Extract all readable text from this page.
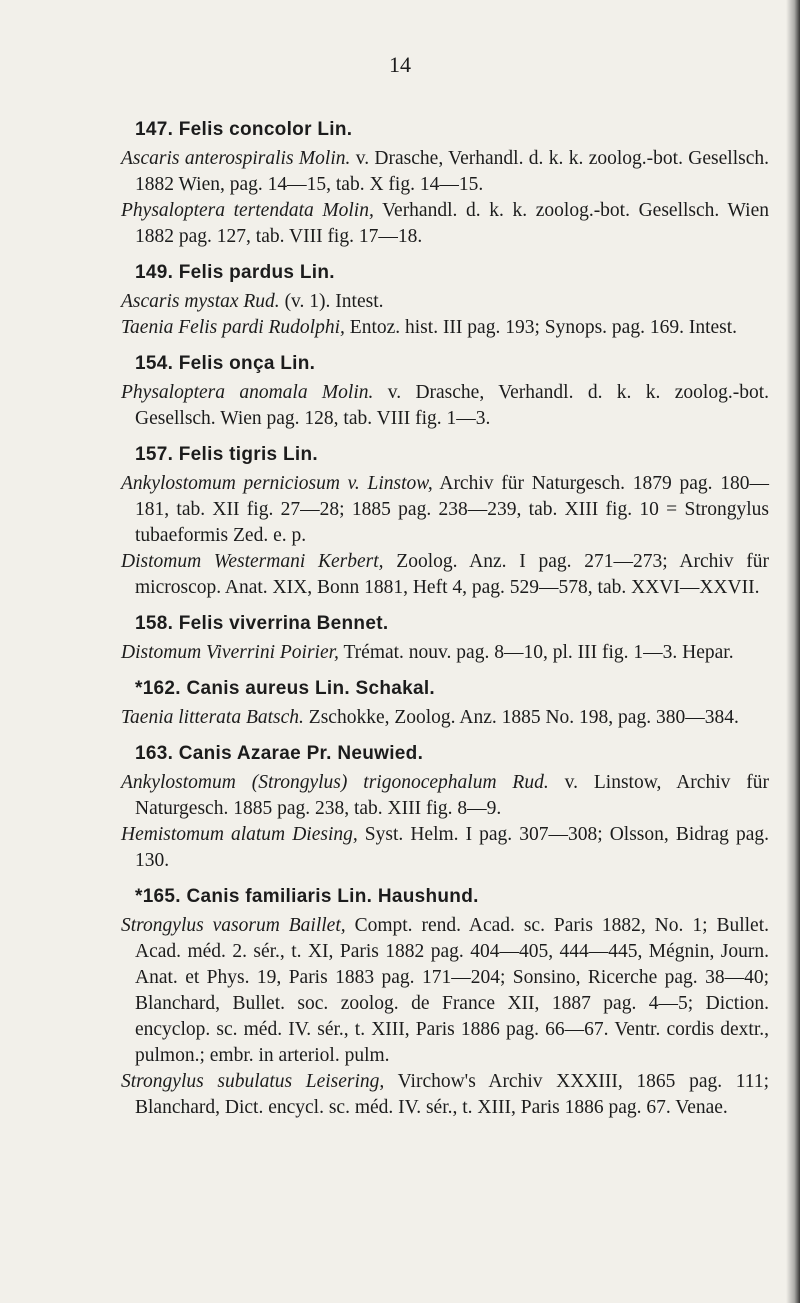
14
147. Felis concolor Lin.

Ascaris anterospiralis Molin. v. Drasche, Verhandl. d. k. k. zoolog.-bot. Gesellsch. 1882 Wien, pag. 14—15, tab. X fig. 14—15.

Physaloptera tertendata Molin, Verhandl. d. k. k. zoolog.-bot. Gesellsch. Wien 1882 pag. 127, tab. VIII fig. 17—18.

149. Felis pardus Lin.

Ascaris mystax Rud. (v. 1). Intest.

Taenia Felis pardi Rudolphi, Entoz. hist. III pag. 193; Synops. pag. 169. Intest.

154. Felis onça Lin.

Physaloptera anomala Molin. v. Drasche, Verhandl. d. k. k. zoolog.-bot. Gesellsch. Wien pag. 128, tab. VIII fig. 1—3.

157. Felis tigris Lin.

Ankylostomum perniciosum v. Linstow, Archiv für Naturgesch. 1879 pag. 180—181, tab. XII fig. 27—28; 1885 pag. 238—239, tab. XIII fig. 10 = Strongylus tubaeformis Zed. e. p.

Distomum Westermani Kerbert, Zoolog. Anz. I pag. 271—273; Archiv für microscop. Anat. XIX, Bonn 1881, Heft 4, pag. 529—578, tab. XXVI—XXVII.

158. Felis viverrina Bennet.

Distomum Viverrini Poirier, Trémat. nouv. pag. 8—10, pl. III fig. 1—3. Hepar.

*162. Canis aureus Lin. Schakal.

Taenia litterata Batsch. Zschokke, Zoolog. Anz. 1885 No. 198, pag. 380—384.

163. Canis Azarae Pr. Neuwied.

Ankylostomum (Strongylus) trigonocephalum Rud. v. Linstow, Archiv für Naturgesch. 1885 pag. 238, tab. XIII fig. 8—9.

Hemistomum alatum Diesing, Syst. Helm. I pag. 307—308; Olsson, Bidrag pag. 130.

*165. Canis familiaris Lin. Haushund.

Strongylus vasorum Baillet, Compt. rend. Acad. sc. Paris 1882, No. 1; Bullet. Acad. méd. 2. sér., t. XI, Paris 1882 pag. 404—405, 444—445, Mégnin, Journ. Anat. et Phys. 19, Paris 1883 pag. 171—204; Sonsino, Ricerche pag. 38—40; Blanchard, Bullet. soc. zoolog. de France XII, 1887 pag. 4—5; Diction. encyclop. sc. méd. IV. sér., t. XIII, Paris 1886 pag. 66—67. Ventr. cordis dextr., pulmon.; embr. in arteriol. pulm.

Strongylus subulatus Leisering, Virchow's Archiv XXXIII, 1865 pag. 111; Blanchard, Dict. encycl. sc. méd. IV. sér., t. XIII, Paris 1886 pag. 67. Venae.
